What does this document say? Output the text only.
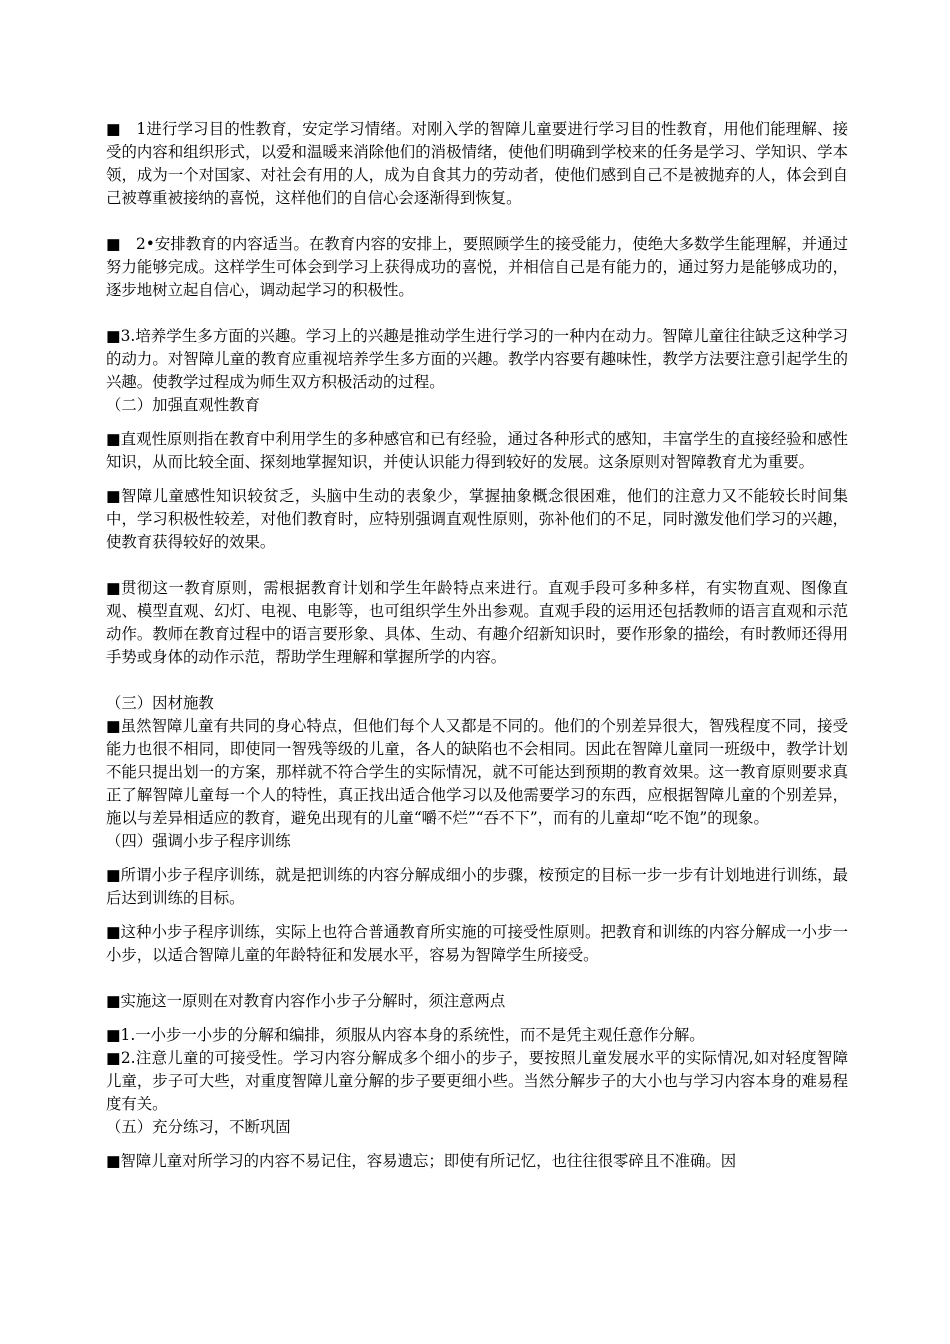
■　1进行学习目的性教育，安定学习情绪。对刚入学的智障儿童要进行学习目的性教育，用他们能理解、接受的内容和组织形式，以爱和温暖来消除他们的消极情绪，使他们明确到学校来的任务是学习、学知识、学本领，成为一个对国家、对社会有用的人，成为自食其力的劳动者，使他们感到自己不是被抛弃的人，体会到自己被尊重被接纳的喜悦，这样他们的自信心会逐渐得到恢复。

■　2•安排教育的内容适当。在教育内容的安排上，要照顾学生的接受能力，使绝大多数学生能理解，并通过努力能够完成。这样学生可体会到学习上获得成功的喜悦，并相信自己是有能力的，通过努力是能够成功的，逐步地树立起自信心，调动起学习的积极性。

■3.培养学生多方面的兴趣。学习上的兴趣是推动学生进行学习的一种内在动力。智障儿童往往缺乏这种学习的动力。对智障儿童的教育应重视培养学生多方面的兴趣。教学内容要有趣味性，教学方法要注意引起学生的兴趣。使教学过程成为师生双方积极活动的过程。

（二）加强直观性教育

■直观性原则指在教育中利用学生的多种感官和已有经验，通过各种形式的感知，丰富学生的直接经验和感性知识，从而比较全面、探刻地掌握知识，并使认识能力得到较好的发展。这条原则对智障教育尤为重要。

■智障儿童感性知识较贫乏，头脑中生动的表象少，掌握抽象概念很困难，他们的注意力又不能较长时间集中，学习积极性较差，对他们教育时，应特别强调直观性原则，弥补他们的不足，同时激发他们学习的兴趣，使教育获得较好的效果。

■贯彻这一教育原则，需根据教育计划和学生年龄特点来进行。直观手段可多种多样，有实物直观、图像直观、模型直观、幻灯、电视、电影等，也可组织学生外出参观。直观手段的运用还包括教师的语言直观和示范动作。教师在教育过程中的语言要形象、具体、生动、有趣介绍新知识时，要作形象的描绘，有时教师还得用手势或身体的动作示范，帮助学生理解和掌握所学的内容。

（三）因材施教

■虽然智障儿童有共同的身心特点，但他们每个人又都是不同的。他们的个别差异很大，智残程度不同，接受能力也很不相同，即使同一智残等级的儿童，各人的缺陷也不会相同。因此在智障儿童同一班级中，教学计划不能只提出划一的方案，那样就不符合学生的实际情况，就不可能达到预期的教育效果。这一教育原则要求真正了解智障儿童每一个人的特性，真正找出适合他学习以及他需要学习的东西，应根据智障儿童的个别差异，施以与差异相适应的教育，避免出现有的儿童“嚼不烂”“吞不下”，而有的儿童却“吃不饱”的现象。

（四）强调小步子程序训练

■所谓小步子程序训练，就是把训练的内容分解成细小的步骤，桉预定的目标一步一步有计划地进行训练，最后达到训练的目标。

■这种小步子程序训练，实际上也符合普通教育所实施的可接受性原则。把教育和训练的内容分解成一小步一小步，以适合智障儿童的年龄特征和发展水平，容易为智障学生所接受。

■实施这一原则在对教育内容作小步子分解时，须注意两点

■1.一小步一小步的分解和编排，须服从内容本身的系统性，而不是凭主观任意作分解。

■2.注意儿童的可接受性。学习内容分解成多个细小的步子，要按照儿童发展水平的实际情况,如对轻度智障儿童，步子可大些，对重度智障儿童分解的步子要更细小些。当然分解步子的大小也与学习内容本身的难易程度有关。

（五）充分练习，不断巩固

■智障儿童对所学习的内容不易记住，容易遗忘；即使有所记忆，也往往很零碎且不准确。因
